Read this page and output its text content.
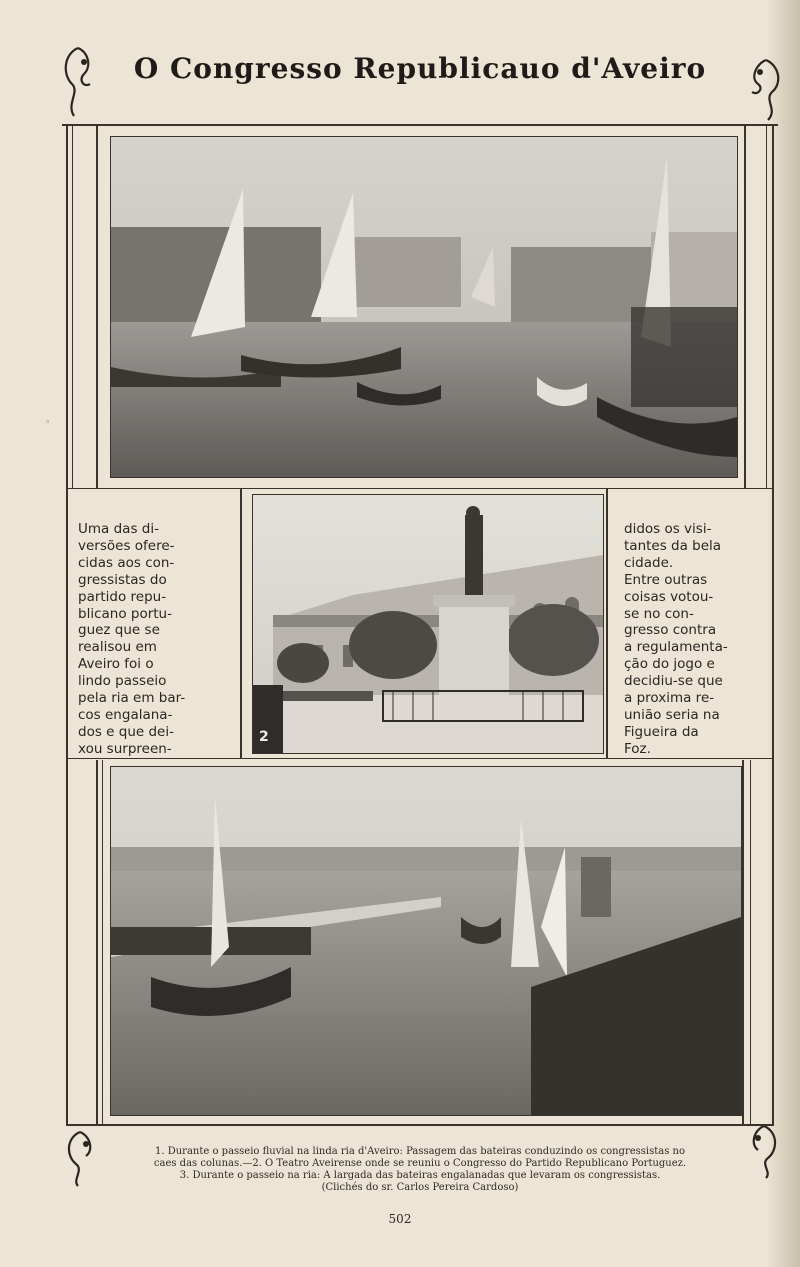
O Congresso Republicauo d'Aveiro
2
Uma das di-
versões ofere-
cidas aos con-
gressistas do
partido repu-
blicano portu-
guez que se
realisou em
Aveiro foi o
lindo passeio
pela ria em bar-
cos engalana-
dos e que dei-
xou surpreen-
didos os visi-
tantes da bela
cidade.
Entre outras
coisas votou-
se no con-
gresso contra
a regulamenta-
ção do jogo e
decidiu-se que
a proxima re-
união seria na
Figueira da
Foz.
◦
1. Durante o passeio fluvial na linda ria d'Aveiro: Passagem das bateiras conduzindo os congressistas no
caes das colunas.—2. O Teatro Aveirense onde se reuniu o Congresso do Partido Republicano Portuguez.
3. Durante o passeio na ria: A largada das bateiras engalanadas que levaram os congressistas.
(Clichés do sr. Carlos Pereira Cardoso)
502
